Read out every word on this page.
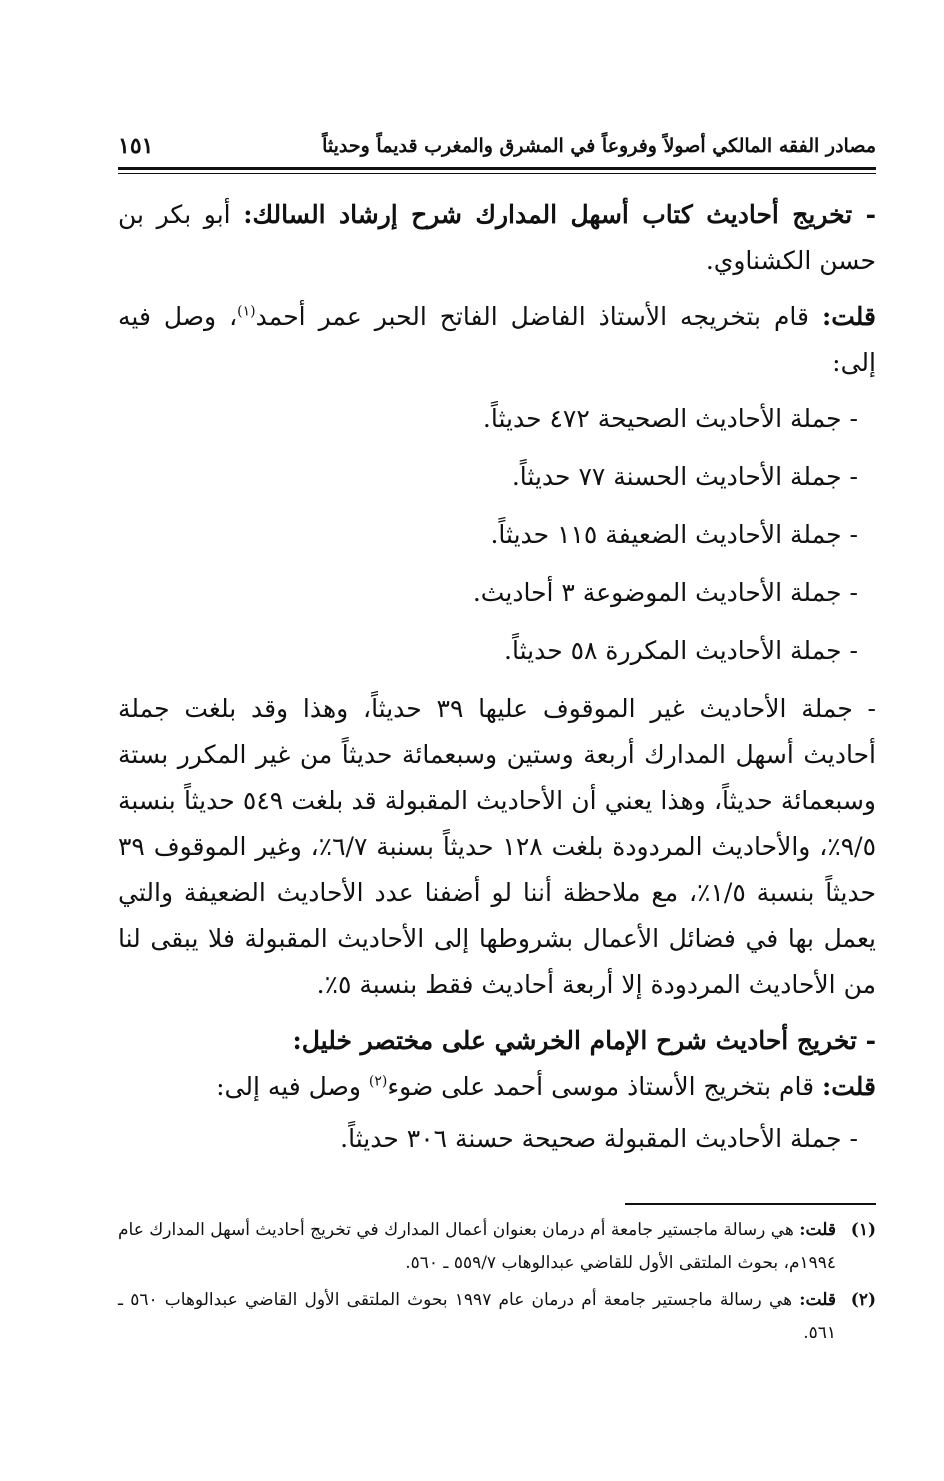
مصادر الفقه المالكي أصولاً وفروعاً في المشرق والمغرب قديماً وحديثاً
١٥١

- تخريج أحاديث كتاب أسهل المدارك شرح إرشاد السالك: أبو بكر بن حسن الكشناوي.

قلت: قام بتخريجه الأستاذ الفاضل الفاتح الحبر عمر أحمد$^{(١)}$، وصل فيه إلى:

- جملة الأحاديث الصحيحة ٤٧٢ حديثاً.

- جملة الأحاديث الحسنة ٧٧ حديثاً.

- جملة الأحاديث الضعيفة ١١٥ حديثاً.

- جملة الأحاديث الموضوعة ٣ أحاديث.

- جملة الأحاديث المكررة ٥٨ حديثاً.

- جملة الأحاديث غير الموقوف عليها ٣٩ حديثاً، وهذا وقد بلغت جملة أحاديث أسهل المدارك أربعة وستين وسبعمائة حديثاً من غير المكرر بستة وسبعمائة حديثاً، وهذا يعني أن الأحاديث المقبولة قد بلغت ٥٤٩ حديثاً بنسبة ٩/٥٪، والأحاديث المردودة بلغت ١٢٨ حديثاً بسنبة ٦/٧٪، وغير الموقوف ٣٩ حديثاً بنسبة ١/٥٪، مع ملاحظة أننا لو أضفنا عدد الأحاديث الضعيفة والتي يعمل بها في فضائل الأعمال بشروطها إلى الأحاديث المقبولة فلا يبقى لنا من الأحاديث المردودة إلا أربعة أحاديث فقط بنسبة ٥٪.

- تخريج أحاديث شرح الإمام الخرشي على مختصر خليل:

قلت: قام بتخريج الأستاذ موسى أحمد على ضوء$^{(٢)}$ وصل فيه إلى:

- جملة الأحاديث المقبولة صحيحة حسنة ٣٠٦ حديثاً.

(١)
قلت: هي رسالة ماجستير جامعة أم درمان بعنوان أعمال المدارك في تخريج أحاديث أسهل المدارك عام ١٩٩٤م، بحوث الملتقى الأول للقاضي عبدالوهاب ٥٥٩/٧ ـ ٥٦٠.
(٢)
قلت: هي رسالة ماجستير جامعة أم درمان عام ١٩٩٧ بحوث الملتقى الأول القاضي عبدالوهاب ٥٦٠ ـ ٥٦١.
